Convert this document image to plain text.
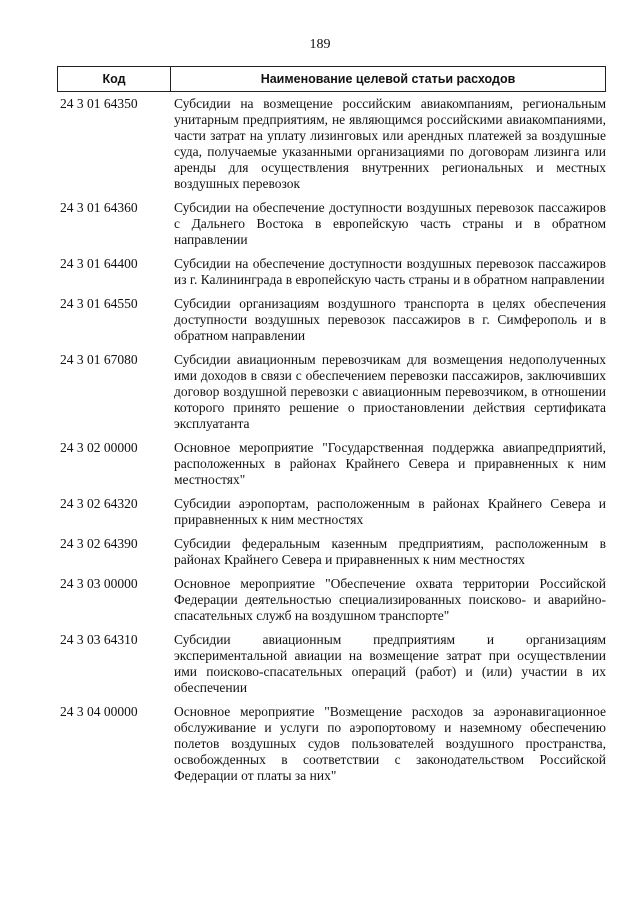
189
Код	Наименование целевой статьи расходов
24 3 01 64350	Субсидии на возмещение российским авиакомпаниям, региональным унитарным предприятиям, не являющимся российскими авиакомпаниями, части затрат на уплату лизинговых или арендных платежей за воздушные суда, получаемые указанными организациями по договорам лизинга или аренды для осуществления внутренних региональных и местных воздушных перевозок
24 3 01 64360	Субсидии на обеспечение доступности воздушных перевозок пассажиров с Дальнего Востока в европейскую часть страны и в обратном направлении
24 3 01 64400	Субсидии на обеспечение доступности воздушных перевозок пассажиров из г. Калининграда в европейскую часть страны и в обратном направлении
24 3 01 64550	Субсидии организациям воздушного транспорта в целях обеспечения доступности воздушных перевозок пассажиров в г. Симферополь и в обратном направлении
24 3 01 67080	Субсидии авиационным перевозчикам для возмещения недополученных ими доходов в связи с обеспечением перевозки пассажиров, заключивших договор воздушной перевозки с авиационным перевозчиком, в отношении которого принято решение о приостановлении действия сертификата эксплуатанта
24 3 02 00000	Основное мероприятие "Государственная поддержка авиапредприятий, расположенных в районах Крайнего Севера и приравненных к ним местностях"
24 3 02 64320	Субсидии аэропортам, расположенным в районах Крайнего Севера и приравненных к ним местностях
24 3 02 64390	Субсидии федеральным казенным предприятиям, расположенным в районах Крайнего Севера и приравненных к ним местностях
24 3 03 00000	Основное мероприятие "Обеспечение охвата территории Российской Федерации деятельностью специализированных поисково- и аварийно-спасательных служб на воздушном транспорте"
24 3 03 64310	Субсидии авиационным предприятиям и организациям экспериментальной авиации на возмещение затрат при осуществлении ими поисково-спасательных операций (работ) и (или) участии в их обеспечении
24 3 04 00000	Основное мероприятие "Возмещение расходов за аэронавигационное обслуживание и услуги по аэропортовому и наземному обеспечению полетов воздушных судов пользователей воздушного пространства, освобожденных в соответствии с законодательством Российской Федерации от платы за них"
